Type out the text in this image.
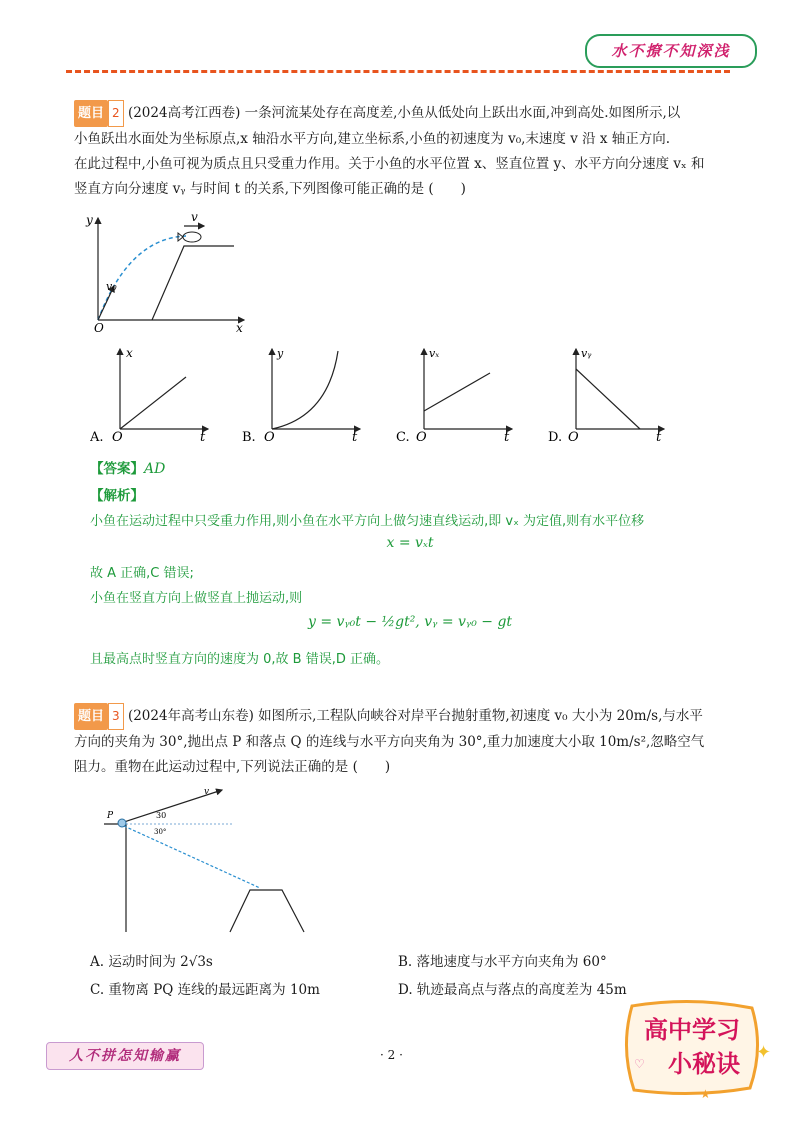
水不撩不知深浅
题目 2 (2024高考江西卷) 一条河流某处存在高度差,小鱼从低处向上跃出水面,冲到高处.如图所示,以
小鱼跃出水面处为坐标原点,x 轴沿水平方向,建立坐标系,小鱼的初速度为 v₀,末速度 v 沿 x 轴正方向.
在此过程中,小鱼可视为质点且只受重力作用。关于小鱼的水平位置 x、竖直位置 y、水平方向分速度 vₓ 和
竖直方向分速度 vᵧ 与时间 t 的关系,下列图像可能正确的是 (　　)
y	v
v₀
O	x
A. O
x
t	B. O
y
t	C. O
vₓ
t	D. O
vᵧ
t
【答案】AD
【解析】
小鱼在运动过程中只受重力作用,则小鱼在水平方向上做匀速直线运动,即 vₓ 为定值,则有水平位移
x = vₓt
故 A 正确,C 错误;
小鱼在竖直方向上做竖直上抛运动,则
y = vᵧ₀t − ½gt², vᵧ = vᵧ₀ − gt
且最高点时竖直方向的速度为 0,故 B 错误,D 正确。
题目 3 (2024年高考山东卷) 如图所示,工程队向峡谷对岸平台抛射重物,初速度 v₀ 大小为 20m/s,与水平
方向的夹角为 30°,抛出点 P 和落点 Q 的连线与水平方向夹角为 30°,重力加速度大小取 10m/s²,忽略空气
阻力。重物在此运动过程中,下列说法正确的是 (　　)
P
v
30
30°
A. 运动时间为 2√3s	B. 落地速度与水平方向夹角为 60°
C. 重物离 PQ 连线的最远距离为 10m	D. 轨迹最高点与落点的高度差为 45m
人不拼怎知输赢	· 2 ·
高中学习
小秘诀 ✦
♡
★
